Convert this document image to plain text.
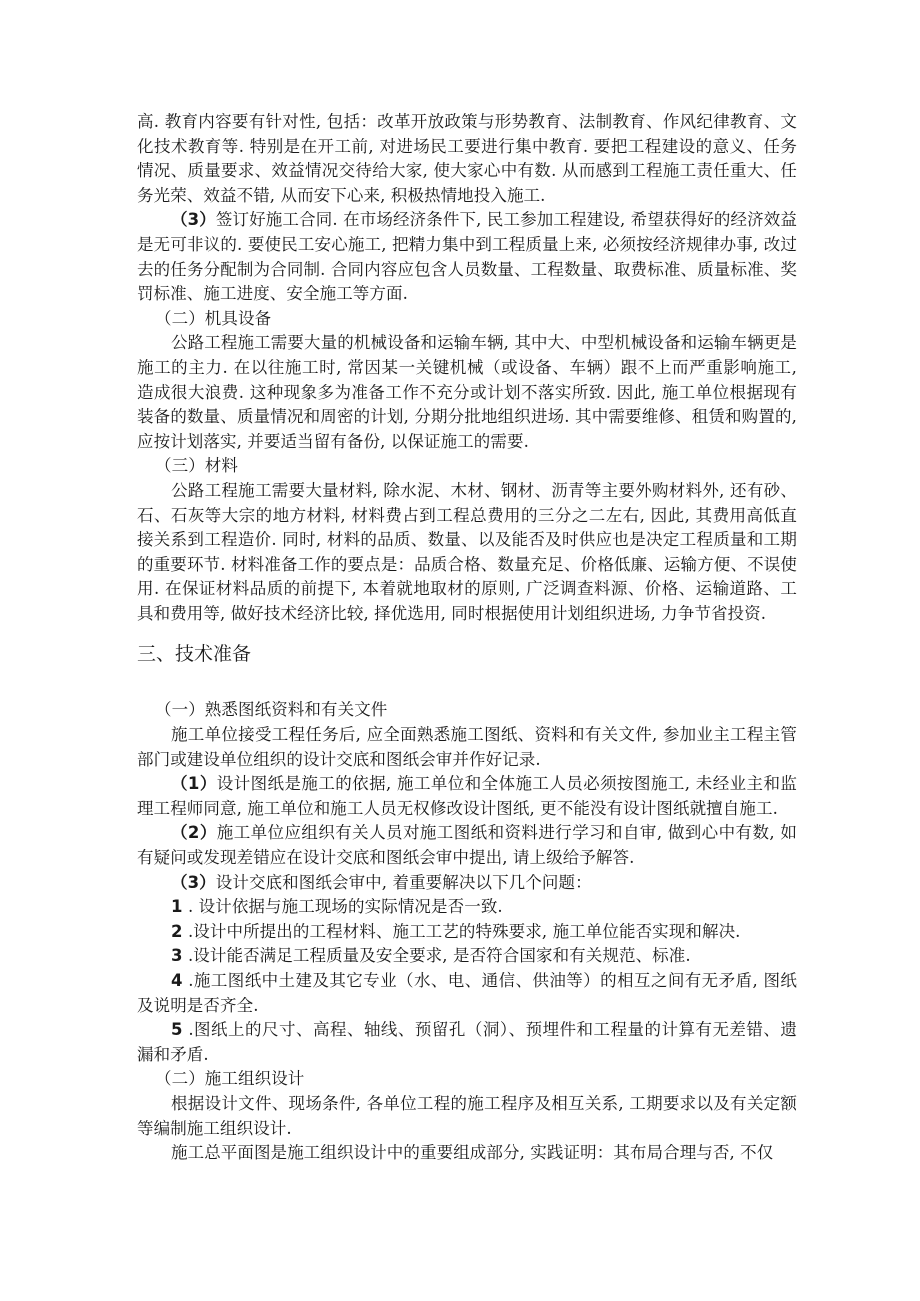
高. 教育内容要有针对性, 包括：改革开放政策与形势教育、法制教育、作风纪律教育、文化技术教育等. 特别是在开工前, 对进场民工要进行集中教育. 要把工程建设的意义、任务情况、质量要求、效益情况交待给大家, 使大家心中有数. 从而感到工程施工责任重大、任务光荣、效益不错, 从而安下心来, 积极热情地投入施工.

（3）签订好施工合同. 在市场经济条件下, 民工参加工程建设, 希望获得好的经济效益是无可非议的. 要使民工安心施工, 把精力集中到工程质量上来, 必须按经济规律办事, 改过去的任务分配制为合同制. 合同内容应包含人员数量、工程数量、取费标准、质量标准、奖罚标准、施工进度、安全施工等方面.

（二）机具设备

公路工程施工需要大量的机械设备和运输车辆, 其中大、中型机械设备和运输车辆更是施工的主力. 在以往施工时, 常因某一关键机械（或设备、车辆）跟不上而严重影响施工, 造成很大浪费. 这种现象多为准备工作不充分或计划不落实所致. 因此, 施工单位根据现有装备的数量、质量情况和周密的计划, 分期分批地组织进场. 其中需要维修、租赁和购置的, 应按计划落实, 并要适当留有备份, 以保证施工的需要.

（三）材料

公路工程施工需要大量材料, 除水泥、木材、钢材、沥青等主要外购材料外, 还有砂、石、石灰等大宗的地方材料, 材料费占到工程总费用的三分之二左右, 因此, 其费用高低直接关系到工程造价. 同时, 材料的品质、数量、以及能否及时供应也是决定工程质量和工期的重要环节. 材料准备工作的要点是：品质合格、数量充足、价格低廉、运输方便、不误使用. 在保证材料品质的前提下, 本着就地取材的原则, 广泛调查料源、价格、运输道路、工具和费用等, 做好技术经济比较, 择优选用, 同时根据使用计划组织进场, 力争节省投资.

三、技术准备

（一）熟悉图纸资料和有关文件

施工单位接受工程任务后, 应全面熟悉施工图纸、资料和有关文件, 参加业主工程主管部门或建设单位组织的设计交底和图纸会审并作好记录.

（1）设计图纸是施工的依据, 施工单位和全体施工人员必须按图施工, 未经业主和监理工程师同意, 施工单位和施工人员无权修改设计图纸, 更不能没有设计图纸就擅自施工.

（2）施工单位应组织有关人员对施工图纸和资料进行学习和自审, 做到心中有数, 如有疑问或发现差错应在设计交底和图纸会审中提出, 请上级给予解答.

（3）设计交底和图纸会审中, 着重要解决以下几个问题：

1 . 设计依据与施工现场的实际情况是否一致.

2 .设计中所提出的工程材料、施工工艺的特殊要求, 施工单位能否实现和解决.

3 .设计能否满足工程质量及安全要求, 是否符合国家和有关规范、标准.

4 .施工图纸中土建及其它专业（水、电、通信、供油等）的相互之间有无矛盾, 图纸及说明是否齐全.

5 .图纸上的尺寸、高程、轴线、预留孔（洞）、预埋件和工程量的计算有无差错、遗漏和矛盾.

（二）施工组织设计

根据设计文件、现场条件, 各单位工程的施工程序及相互关系, 工期要求以及有关定额等编制施工组织设计.

施工总平面图是施工组织设计中的重要组成部分, 实践证明：其布局合理与否, 不仅
